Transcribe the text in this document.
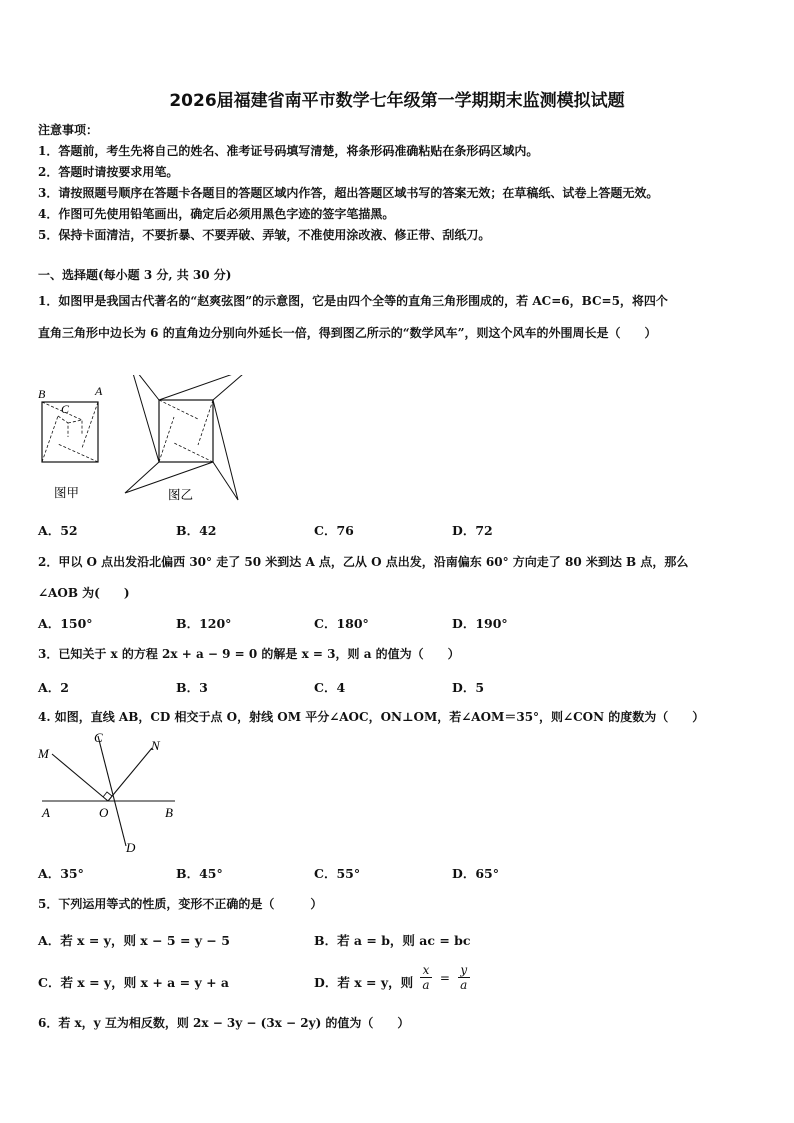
2026届福建省南平市数学七年级第一学期期末监测模拟试题
注意事项：
1．答题前，考生先将自己的姓名、准考证号码填写清楚，将条形码准确粘贴在条形码区域内。
2．答题时请按要求用笔。
3．请按照题号顺序在答题卡各题目的答题区域内作答，超出答题区域书写的答案无效；在草稿纸、试卷上答题无效。
4．作图可先使用铅笔画出，确定后必须用黑色字迹的签字笔描黑。
5．保持卡面清洁，不要折暴、不要弄破、弄皱，不准使用涂改液、修正带、刮纸刀。
一、选择题(每小题 3 分, 共 30 分)
1．如图甲是我国古代著名的“赵爽弦图”的示意图，它是由四个全等的直角三角形围成的，若 AC=6，BC=5，将四个
直角三角形中边长为 6 的直角边分别向外延长一倍，得到图乙所示的“数学风车”，则这个风车的外围周长是（　　）
B	A
C
图甲	图乙
A．52	B．42	C．76	D．72
2．甲以 O 点出发沿北偏西 30° 走了 50 米到达 A 点，乙从 O 点出发，沿南偏东 60° 方向走了 80 米到达 B 点，那么
∠AOB 为(　　)
A．150°	B．120°	C．180°	D．190°
3．已知关于 x 的方程 2x + a − 9 = 0 的解是 x = 3，则 a 的值为（　　）
A．2	B．3	C．4	D．5
4. 如图，直线 AB，CD 相交于点 O，射线 OM 平分∠AOC，ON⊥OM，若∠AOM＝35°，则∠CON 的度数为（　　）
M
C
N
A	O	B
D
A．35°	B．45°	C．55°	D．65°
5．下列运用等式的性质，变形不正确的是（　　　）
A．若 x = y，则 x − 5 = y − 5	B．若 a = b，则 ac = bc
C．若 x = y，则 x + a = y + a	D．若 x = y，则 $\frac{x}{a} = \frac{y}{a}$
6．若 x，y 互为相反数，则 2x − 3y − (3x − 2y) 的值为（　　）
